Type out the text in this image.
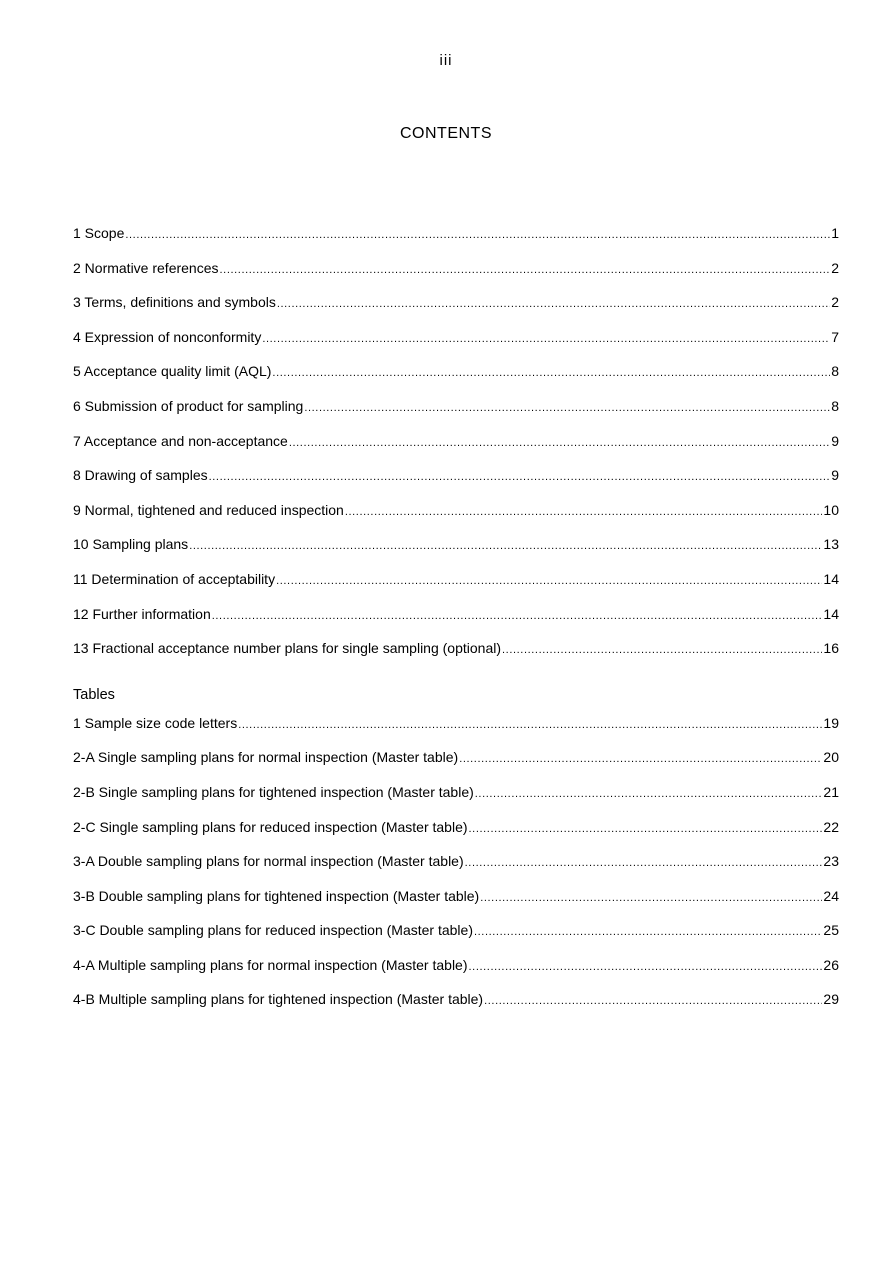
iii
CONTENTS
1 Scope .....	1
2 Normative references .....	2
3 Terms, definitions and symbols .....	2
4 Expression of nonconformity .....	7
5 Acceptance quality limit (AQL) .....	8
6 Submission of product for sampling .....	8
7 Acceptance and non-acceptance .....	9
8 Drawing of samples .....	9
9 Normal, tightened and reduced inspection .....	10
10 Sampling plans .....	13
11 Determination of acceptability .....	14
12 Further information .....	14
13 Fractional acceptance number plans for single sampling (optional) .....	16
Tables
1 Sample size code letters .....	19
2-A Single sampling plans for normal inspection (Master table) .....	20
2-B Single sampling plans for tightened inspection (Master table) .....	21
2-C Single sampling plans for reduced inspection (Master table) .....	22
3-A Double sampling plans for normal inspection (Master table) .....	23
3-B Double sampling plans for tightened inspection (Master table) .....	24
3-C Double sampling plans for reduced inspection (Master table) .....	25
4-A Multiple sampling plans for normal inspection (Master table) .....	26
4-B Multiple sampling plans for tightened inspection (Master table) .....	29
